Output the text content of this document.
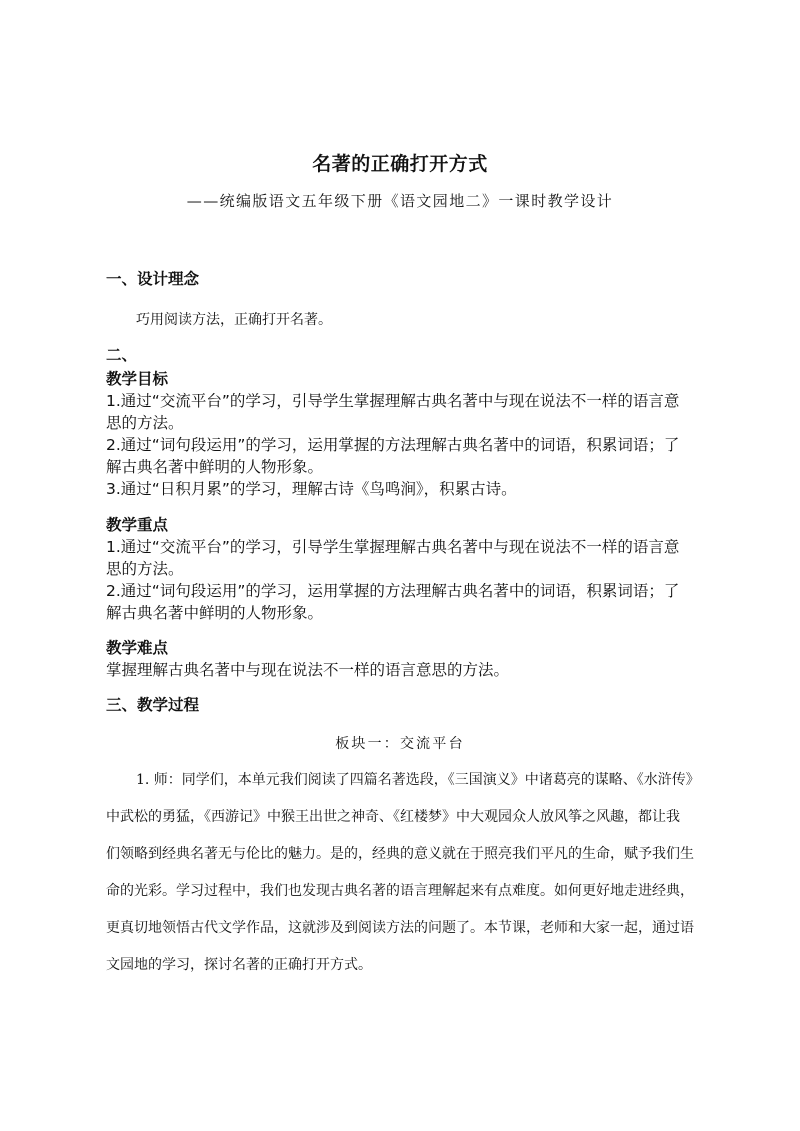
名著的正确打开方式
——统编版语文五年级下册《语文园地二》一课时教学设计
一、设计理念
巧用阅读方法，正确打开名著。
二、
教学目标
1.通过“交流平台”的学习，引导学生掌握理解古典名著中与现在说法不一样的语言意
思的方法。
2.通过“词句段运用”的学习，运用掌握的方法理解古典名著中的词语，积累词语；了
解古典名著中鲜明的人物形象。
3.通过“日积月累”的学习，理解古诗《鸟鸣涧》，积累古诗。
教学重点
1.通过“交流平台”的学习，引导学生掌握理解古典名著中与现在说法不一样的语言意
思的方法。
2.通过“词句段运用”的学习，运用掌握的方法理解古典名著中的词语，积累词语；了
解古典名著中鲜明的人物形象。
教学难点
掌握理解古典名著中与现在说法不一样的语言意思的方法。
三、教学过程
板块一：交流平台
1. 师：同学们，本单元我们阅读了四篇名著选段，《三国演义》中诸葛亮的谋略、《水浒传》
中武松的勇猛，《西游记》中猴王出世之神奇、《红楼梦》中大观园众人放风筝之风趣，都让我
们领略到经典名著无与伦比的魅力。是的，经典的意义就在于照亮我们平凡的生命，赋予我们生
命的光彩。学习过程中，我们也发现古典名著的语言理解起来有点难度。如何更好地走进经典，
更真切地领悟古代文学作品，这就涉及到阅读方法的问题了。本节课，老师和大家一起，通过语
文园地的学习，探讨名著的正确打开方式。
